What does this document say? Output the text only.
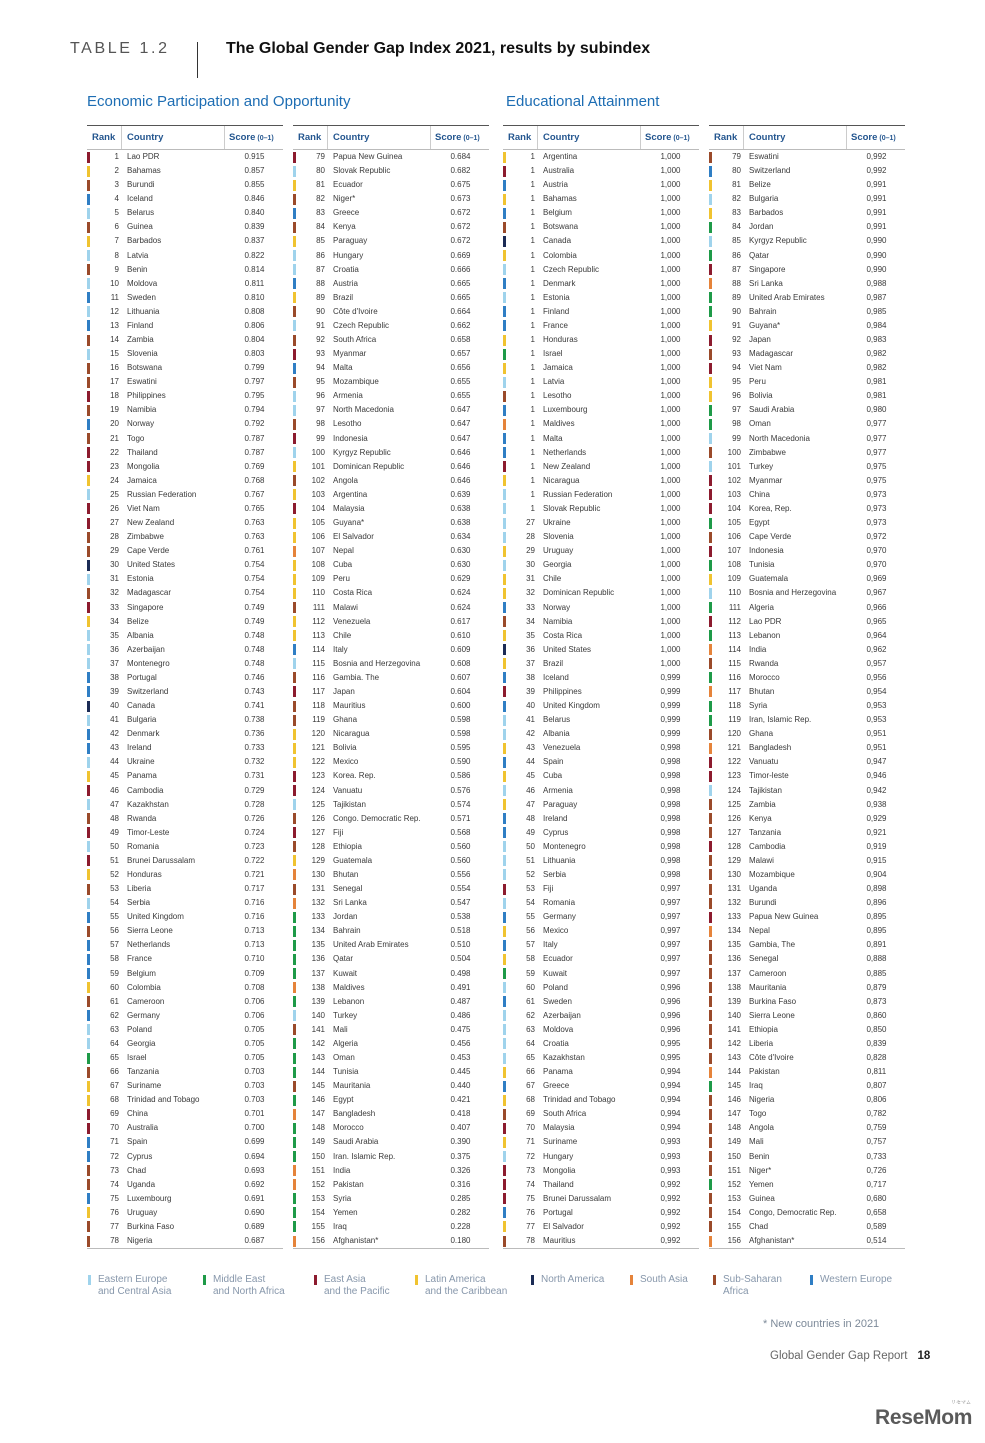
TABLE 1.2	The Global Gender Gap Index 2021, results by subindex
Economic Participation and Opportunity	Educational Attainment
Rank Country	Score (0–1)
1 Lao PDR	0.915
2 Bahamas	0.857
3 Burundi	0.855
4 Iceland	0.846
5 Belarus	0.840
6 Guinea	0.839
7 Barbados	0.837
8 Latvia	0.822
9 Benin	0.814
10 Moldova	0.811
11 Sweden	0.810
12 Lithuania	0.808
13 Finland	0.806
14 Zambia	0.804
15 Slovenia	0.803
16 Botswana	0.799
17 Eswatini	0.797
18 Philippines	0.795
19 Namibia	0.794
20 Norway	0.792
21 Togo	0.787
22 Thailand	0.787
23 Mongolia	0.769
24 Jamaica	0.768
25 Russian Federation	0.767
26 Viet Nam	0.765
27 New Zealand	0.763
28 Zimbabwe	0.763
29 Cape Verde	0.761
30 United States	0.754
31 Estonia	0.754
32 Madagascar	0.754
33 Singapore	0.749
34 Belize	0.749
35 Albania	0.748
36 Azerbaijan	0.748
37 Montenegro	0.748
38 Portugal	0.746
39 Switzerland	0.743
40 Canada	0.741
41 Bulgaria	0.738
42 Denmark	0.736
43 Ireland	0.733
44 Ukraine	0.732
45 Panama	0.731
46 Cambodia	0.729
47 Kazakhstan	0.728
48 Rwanda	0.726
49 Timor-Leste	0.724
50 Romania	0.723
51 Brunei Darussalam	0.722
52 Honduras	0.721
53 Liberia	0.717
54 Serbia	0.716
55 United Kingdom	0.716
56 Sierra Leone	0.713
57 Netherlands	0.713
58 France	0.710
59 Belgium	0.709
60 Colombia	0.708
61 Cameroon	0.706
62 Germany	0.706
63 Poland	0.705
64 Georgia	0.705
65 Israel	0.705
66 Tanzania	0.703
67 Suriname	0.703
68 Trinidad and Tobago	0.703
69 China	0.701
70 Australia	0.700
71 Spain	0.699
72 Cyprus	0.694
73 Chad	0.693
74 Uganda	0.692
75 Luxembourg	0.691
76 Uruguay	0.690
77 Burkina Faso	0.689
78 Nigeria	0.687
Rank Country	Score (0–1)
79 Papua New Guinea	0.684
80 Slovak Republic	0.682
81 Ecuador	0.675
82 Niger*	0.673
83 Greece	0.672
84 Kenya	0.672
85 Paraguay	0.672
86 Hungary	0.669
87 Croatia	0.666
88 Austria	0.665
89 Brazil	0.665
90 Côte d'Ivoire	0.664
91 Czech Republic	0.662
92 South Africa	0.658
93 Myanmar	0.657
94 Malta	0.656
95 Mozambique	0.655
96 Armenia	0.655
97 North Macedonia	0.647
98 Lesotho	0.647
99 Indonesia	0.647
100 Kyrgyz Republic	0.646
101 Dominican Republic	0.646
102 Angola	0.646
103 Argentina	0.639
104 Malaysia	0.638
105 Guyana*	0.638
106 El Salvador	0.634
107 Nepal	0.630
108 Cuba	0.630
109 Peru	0.629
110 Costa Rica	0.624
111 Malawi	0.624
112 Venezuela	0.617
113 Chile	0.610
114 Italy	0.609
115 Bosnia and Herzegovina	0.608
116 Gambia. The	0.607
117 Japan	0.604
118 Mauritius	0.600
119 Ghana	0.598
120 Nicaragua	0.598
121 Bolivia	0.595
122 Mexico	0.590
123 Korea. Rep.	0.586
124 Vanuatu	0.576
125 Tajikistan	0.574
126 Congo. Democratic Rep.	0.571
127 Fiji	0.568
128 Ethiopia	0.560
129 Guatemala	0.560
130 Bhutan	0.556
131 Senegal	0.554
132 Sri Lanka	0.547
133 Jordan	0.538
134 Bahrain	0.518
135 United Arab Emirates	0.510
136 Qatar	0.504
137 Kuwait	0.498
138 Maldives	0.491
139 Lebanon	0.487
140 Turkey	0.486
141 Mali	0.475
142 Algeria	0.456
143 Oman	0.453
144 Tunisia	0.445
145 Mauritania	0.440
146 Egypt	0.421
147 Bangladesh	0.418
148 Morocco	0.407
149 Saudi Arabia	0.390
150 Iran. Islamic Rep.	0.375
151 India	0.326
152 Pakistan	0.316
153 Syria	0.285
154 Yemen	0.282
155 Iraq	0.228
156 Afghanistan*	0.180
Rank Country	Score (0–1)
1 Argentina	1,000
1 Australia	1,000
1 Austria	1,000
1 Bahamas	1,000
1 Belgium	1,000
1 Botswana	1,000
1 Canada	1,000
1 Colombia	1,000
1 Czech Republic	1,000
1 Denmark	1,000
1 Estonia	1,000
1 Finland	1,000
1 France	1,000
1 Honduras	1,000
1 Israel	1,000
1 Jamaica	1,000
1 Latvia	1,000
1 Lesotho	1,000
1 Luxembourg	1,000
1 Maldives	1,000
1 Malta	1,000
1 Netherlands	1,000
1 New Zealand	1,000
1 Nicaragua	1,000
1 Russian Federation	1,000
1 Slovak Republic	1,000
27 Ukraine	1,000
28 Slovenia	1,000
29 Uruguay	1,000
30 Georgia	1,000
31 Chile	1,000
32 Dominican Republic	1,000
33 Norway	1,000
34 Namibia	1,000
35 Costa Rica	1,000
36 United States	1,000
37 Brazil	1,000
38 Iceland	0,999
39 Philippines	0,999
40 United Kingdom	0,999
41 Belarus	0,999
42 Albania	0,999
43 Venezuela	0,998
44 Spain	0,998
45 Cuba	0,998
46 Armenia	0,998
47 Paraguay	0,998
48 Ireland	0,998
49 Cyprus	0,998
50 Montenegro	0,998
51 Lithuania	0,998
52 Serbia	0,998
53 Fiji	0,997
54 Romania	0,997
55 Germany	0,997
56 Mexico	0,997
57 Italy	0,997
58 Ecuador	0,997
59 Kuwait	0,997
60 Poland	0,996
61 Sweden	0,996
62 Azerbaijan	0,996
63 Moldova	0,996
64 Croatia	0,995
65 Kazakhstan	0,995
66 Panama	0,994
67 Greece	0,994
68 Trinidad and Tobago	0,994
69 South Africa	0,994
70 Malaysia	0,994
71 Suriname	0,993
72 Hungary	0,993
73 Mongolia	0,993
74 Thailand	0,992
75 Brunei Darussalam	0,992
76 Portugal	0,992
77 El Salvador	0,992
78 Mauritius	0,992
Rank Country	Score (0–1)
79 Eswatini	0,992
80 Switzerland	0,992
81 Belize	0,991
82 Bulgaria	0,991
83 Barbados	0,991
84 Jordan	0,991
85 Kyrgyz Republic	0,990
86 Qatar	0,990
87 Singapore	0,990
88 Sri Lanka	0,988
89 United Arab Emirates	0,987
90 Bahrain	0,985
91 Guyana*	0,984
92 Japan	0,983
93 Madagascar	0,982
94 Viet Nam	0,982
95 Peru	0,981
96 Bolivia	0,981
97 Saudi Arabia	0,980
98 Oman	0,977
99 North Macedonia	0,977
100 Zimbabwe	0,977
101 Turkey	0,975
102 Myanmar	0,975
103 China	0,973
104 Korea, Rep.	0,973
105 Egypt	0,973
106 Cape Verde	0,972
107 Indonesia	0,970
108 Tunisia	0,970
109 Guatemala	0,969
110 Bosnia and Herzegovina	0,967
111 Algeria	0,966
112 Lao PDR	0,965
113 Lebanon	0,964
114 India	0,962
115 Rwanda	0,957
116 Morocco	0,956
117 Bhutan	0,954
118 Syria	0,953
119 Iran, Islamic Rep.	0,953
120 Ghana	0,951
121 Bangladesh	0,951
122 Vanuatu	0,947
123 Timor-leste	0,946
124 Tajikistan	0,942
125 Zambia	0,938
126 Kenya	0,929
127 Tanzania	0,921
128 Cambodia	0,919
129 Malawi	0,915
130 Mozambique	0,904
131 Uganda	0,898
132 Burundi	0,896
133 Papua New Guinea	0,895
134 Nepal	0,895
135 Gambia, The	0,891
136 Senegal	0,888
137 Cameroon	0,885
138 Mauritania	0,879
139 Burkina Faso	0,873
140 Sierra Leone	0,860
141 Ethiopia	0,850
142 Liberia	0,839
143 Côte d'Ivoire	0,828
144 Pakistan	0,811
145 Iraq	0,807
146 Nigeria	0,806
147 Togo	0,782
148 Angola	0,759
149 Mali	0,757
150 Benin	0,733
151 Niger*	0,726
152 Yemen	0,717
153 Guinea	0,680
154 Congo, Democratic Rep.	0,658
155 Chad	0,589
156 Afghanistan*	0,514
Eastern Europe
and Central Asia
Middle East
and North Africa
East Asia
and the Pacific
Latin America
and the Caribbean
North America	South Asia	Sub-Saharan
Africa
Western Europe
* New countries in 2021
Global Gender Gap Report 18
リセマム
ReseMom
